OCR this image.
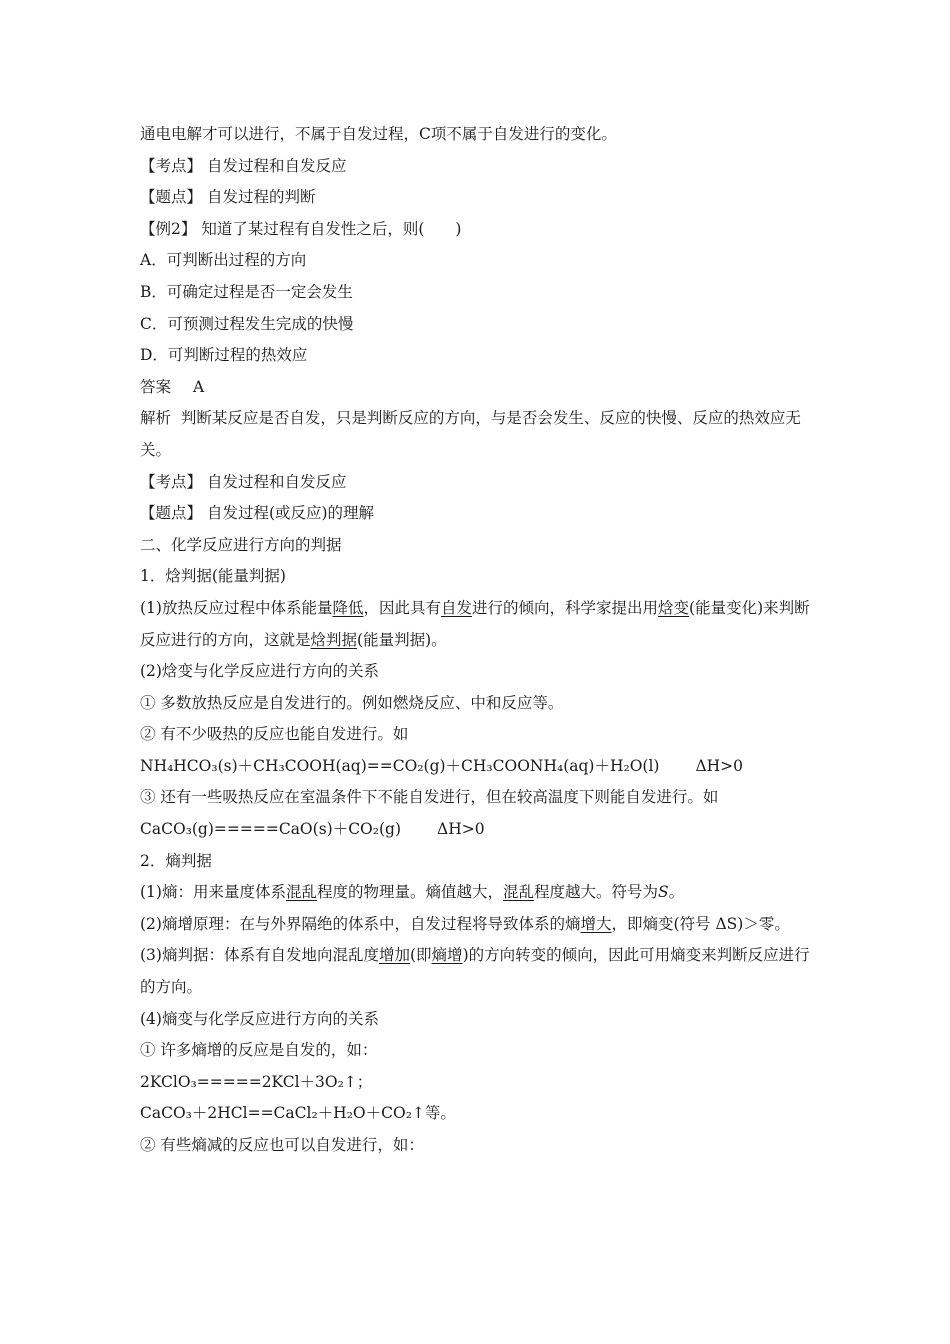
通电电解才可以进行，不属于自发过程，C项不属于自发进行的变化。
【考点】 自发过程和自发反应
【题点】 自发过程的判断
【例2】 知道了某过程有自发性之后，则(　　)
A．可判断出过程的方向
B．可确定过程是否一定会发生
C．可预测过程发生完成的快慢
D．可判断过程的热效应
答案 A
解析 判断某反应是否自发，只是判断反应的方向，与是否会发生、反应的快慢、反应的热效应无关。
【考点】 自发过程和自发反应
【题点】 自发过程(或反应)的理解
二、化学反应进行方向的判据
1．焓判据(能量判据)
(1)放热反应过程中体系能量降低，因此具有自发进行的倾向，科学家提出用焓变(能量变化)来判断反应进行的方向，这就是焓判据(能量判据)。
(2)焓变与化学反应进行方向的关系
① 多数放热反应是自发进行的。例如燃烧反应、中和反应等。
② 有不少吸热的反应也能自发进行。如
NH₄HCO₃(s)＋CH₃COOH(aq)==CO₂(g)＋CH₃COONH₄(aq)＋H₂O(l) ΔH>0
③ 还有一些吸热反应在室温条件下不能自发进行，但在较高温度下则能自发进行。如
CaCO₃(g)=====CaO(s)＋CO₂(g) ΔH>0
2．熵判据
(1)熵：用来量度体系混乱程度的物理量。熵值越大，混乱程度越大。符号为S。
(2)熵增原理：在与外界隔绝的体系中，自发过程将导致体系的熵增大，即熵变(符号 ΔS)＞零。
(3)熵判据：体系有自发地向混乱度增加(即熵增)的方向转变的倾向，因此可用熵变来判断反应进行的方向。
(4)熵变与化学反应进行方向的关系
① 许多熵增的反应是自发的，如：
2KClO₃=====2KCl＋3O₂↑；
CaCO₃＋2HCl==CaCl₂＋H₂O＋CO₂↑等。
② 有些熵减的反应也可以自发进行，如：
